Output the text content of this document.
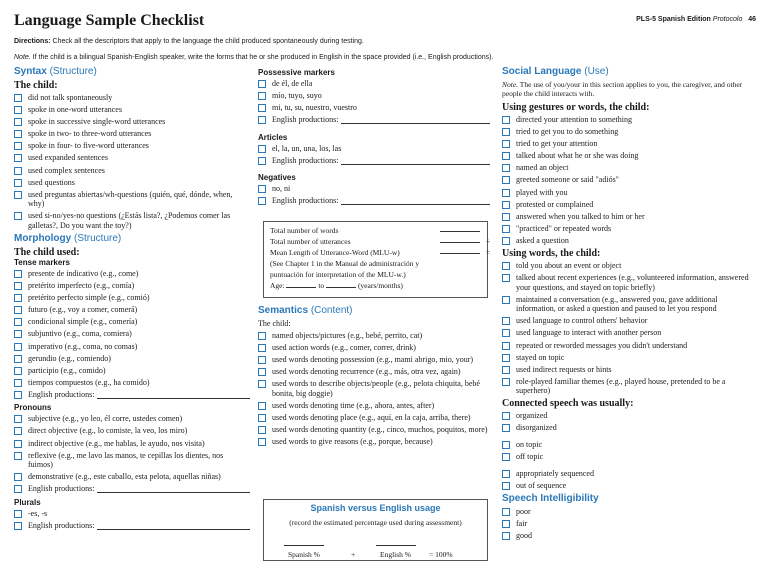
Language Sample Checklist	PLS-5 Spanish Edition Protocolo 46
Directions: Check all the descriptors that apply to the language the child produced spontaneously during testing.
Note. If the child is a bilingual Spanish-English speaker, write the forms that he or she produced in English in the space provided (i.e., English productions).
Syntax (Structure)
The child:
did not talk spontaneously
spoke in one-word utterances
spoke in successive single-word utterances
spoke in two- to three-word utterances
spoke in four- to five-word utterances
used expanded sentences
used complex sentences
used questions
used preguntas abiertas/wh-questions (quién, qué, dónde, when, why)
used si-no/yes-no questions (¿Estás lista?, ¿Podemos comer las galletas?, Do you want the toy?)
Morphology (Structure)
The child used:
Tense markers
presente de indicativo (e.g., come)
pretérito imperfecto (e.g., comía)
pretérito perfecto simple (e.g., comió)
futuro (e.g., voy a comer, comerá)
condicional simple (e.g., comería)
subjuntivo (e.g., coma, comiera)
imperativo (e.g., coma, no comas)
gerundio (e.g., comiendo)
participio (e.g., comido)
tiempos compuestos (e.g., ha comido)
English productions:
Pronouns
subjective (e.g., yo leo, él corre, ustedes comen)
direct objective (e.g., lo comiste, la veo, los miro)
indirect objective (e.g., me hablas, le ayudo, nos visita)
reflexive (e.g., me lavo las manos, te cepillas los dientes, nos fuimos)
demonstrative (e.g., este caballo, esta pelota, aquellas niñas)
English productions:
Plurals
-es, -s
English productions:
Possessive markers
de él, de ella
mío, tuyo, suyo
mi, tu, su, nuestro, vuestro
English productions:
Articles
el, la, un, una, los, las
English productions:
Negatives
no, ni
English productions:
Total number of words
Total number of utterances	÷
Mean Length of Utterance-Word (MLU-w)	=
(See Chapter 1 in the Manual de administración y
puntuación for interpretation of the MLU-w.)
Age:	to	(years/months)
Semantics (Content)
The child:
named objects/pictures (e.g., bebé, perrito, cat)
used action words (e.g., comer, correr, drink)
used words denoting possession (e.g., mami abrigo, mio, your)
used words denoting recurrence (e.g., más, otra vez, again)
used words to describe objects/people (e.g., pelota chiquita, bebé bonita, big doggie)
used words denoting time (e.g., ahora, antes, after)
used words denoting place (e.g., aquí, en la caja, arriba, there)
used words denoting quantity (e.g., cinco, muchos, poquitos, more)
used words to give reasons (e.g., porque, because)
Spanish versus English usage
(record the estimated percentage used during assessment)
Spanish %	+	English % = 100%
Social Language (Use)
Note. The use of you/your in this section applies to you, the caregiver, and other people the child interacts with.
Using gestures or words, the child:
directed your attention to something
tried to get you to do something
tried to get your attention
talked about what he or she was doing
named an object
greeted someone or said "adiós"
played with you
protested or complained
answered when you talked to him or her
"practiced" or repeated words
asked a question
Using words, the child:
told you about an event or object
talked about recent experiences (e.g., volunteered information, answered your questions, and stayed on topic briefly)
maintained a conversation (e.g., answered you, gave additional information, or asked a question and paused to let you respond
used language to control others' behavior
used language to interact with another person
repeated or reworded messages you didn't understand
stayed on topic
used indirect requests or hints
role-played familiar themes (e.g., played house, pretended to be a superhero)
Connected speech was usually:
organized
disorganized
on topic
off topic
appropriately sequenced
out of sequence
Speech Intelligibility
poor
fair
good
